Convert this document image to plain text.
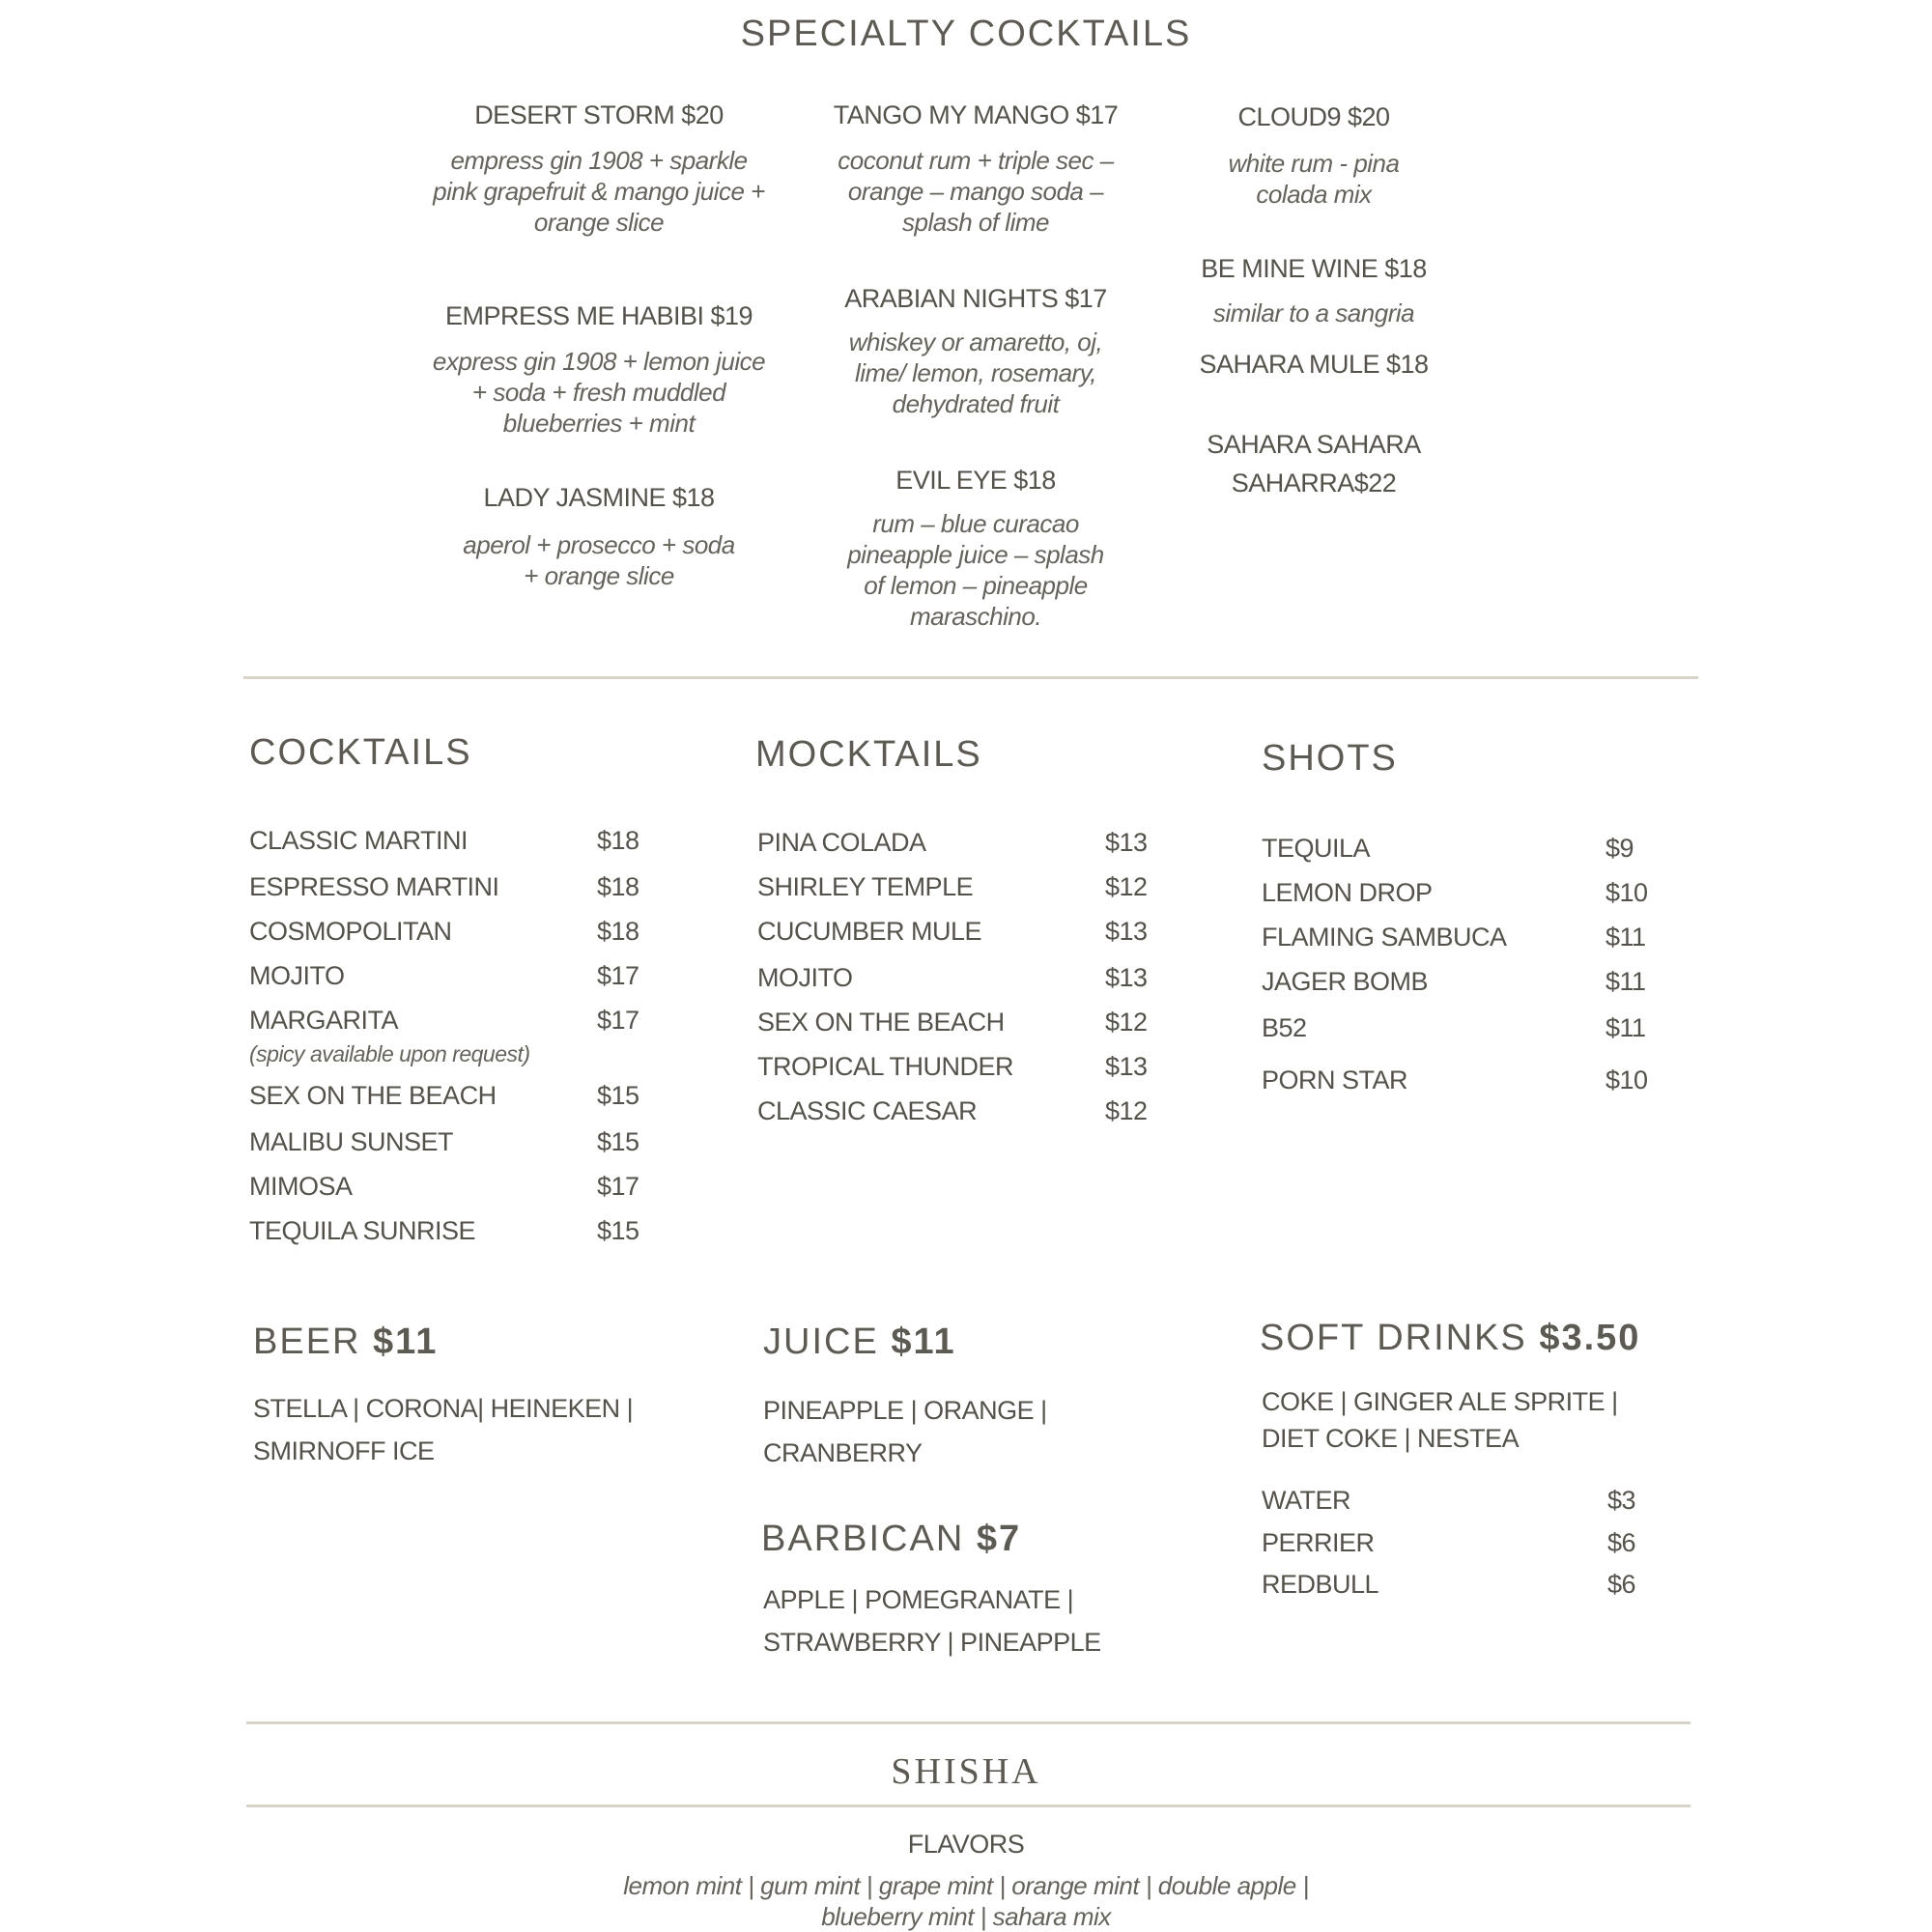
SPECIALTY COCKTAILS
DESERT STORM $20
empress gin 1908 + sparkle pink grapefruit & mango juice + orange slice
EMPRESS ME HABIBI $19
express gin 1908 + lemon juice + soda + fresh muddled blueberries + mint
LADY JASMINE $18
aperol + prosecco + soda + orange slice
TANGO MY MANGO $17
coconut rum + triple sec – orange – mango soda – splash of lime
ARABIAN NIGHTS $17
whiskey or amaretto, oj, lime/ lemon, rosemary, dehydrated fruit
EVIL EYE $18
rum – blue curacao pineapple juice – splash of lemon – pineapple maraschino.
CLOUD9 $20
white rum - pina colada mix
BE MINE WINE $18
similar to a sangria
SAHARA MULE $18
SAHARA SAHARA SAHARRA$22
COCKTAILS
CLASSIC MARTINI	$18
ESPRESSO MARTINI	$18
COSMOPOLITAN	$18
MOJITO	$17
MARGARITA	$17
SEX ON THE BEACH	$15
MALIBU SUNSET	$15
MIMOSA	$17
TEQUILA SUNRISE	$15
(spicy available upon request)
MOCKTAILS
PINA COLADA	$13
SHIRLEY TEMPLE	$12
CUCUMBER MULE	$13
MOJITO	$13
SEX ON THE BEACH	$12
TROPICAL THUNDER	$13
CLASSIC CAESAR	$12
SHOTS
TEQUILA	$9
LEMON DROP	$10
FLAMING SAMBUCA	$11
JAGER BOMB	$11
B52	$11
PORN STAR	$10
BEER $11
STELLA | CORONA| HEINEKEN |
SMIRNOFF ICE
JUICE $11
PINEAPPLE | ORANGE |
CRANBERRY
BARBICAN $7
APPLE | POMEGRANATE |
STRAWBERRY | PINEAPPLE
SOFT DRINKS $3.50
COKE | GINGER ALE SPRITE |
DIET COKE | NESTEA
WATER	$3
PERRIER	$6
REDBULL	$6
SHISHA
FLAVORS
lemon mint | gum mint | grape mint | orange mint | double apple |
blueberry mint | sahara mix
